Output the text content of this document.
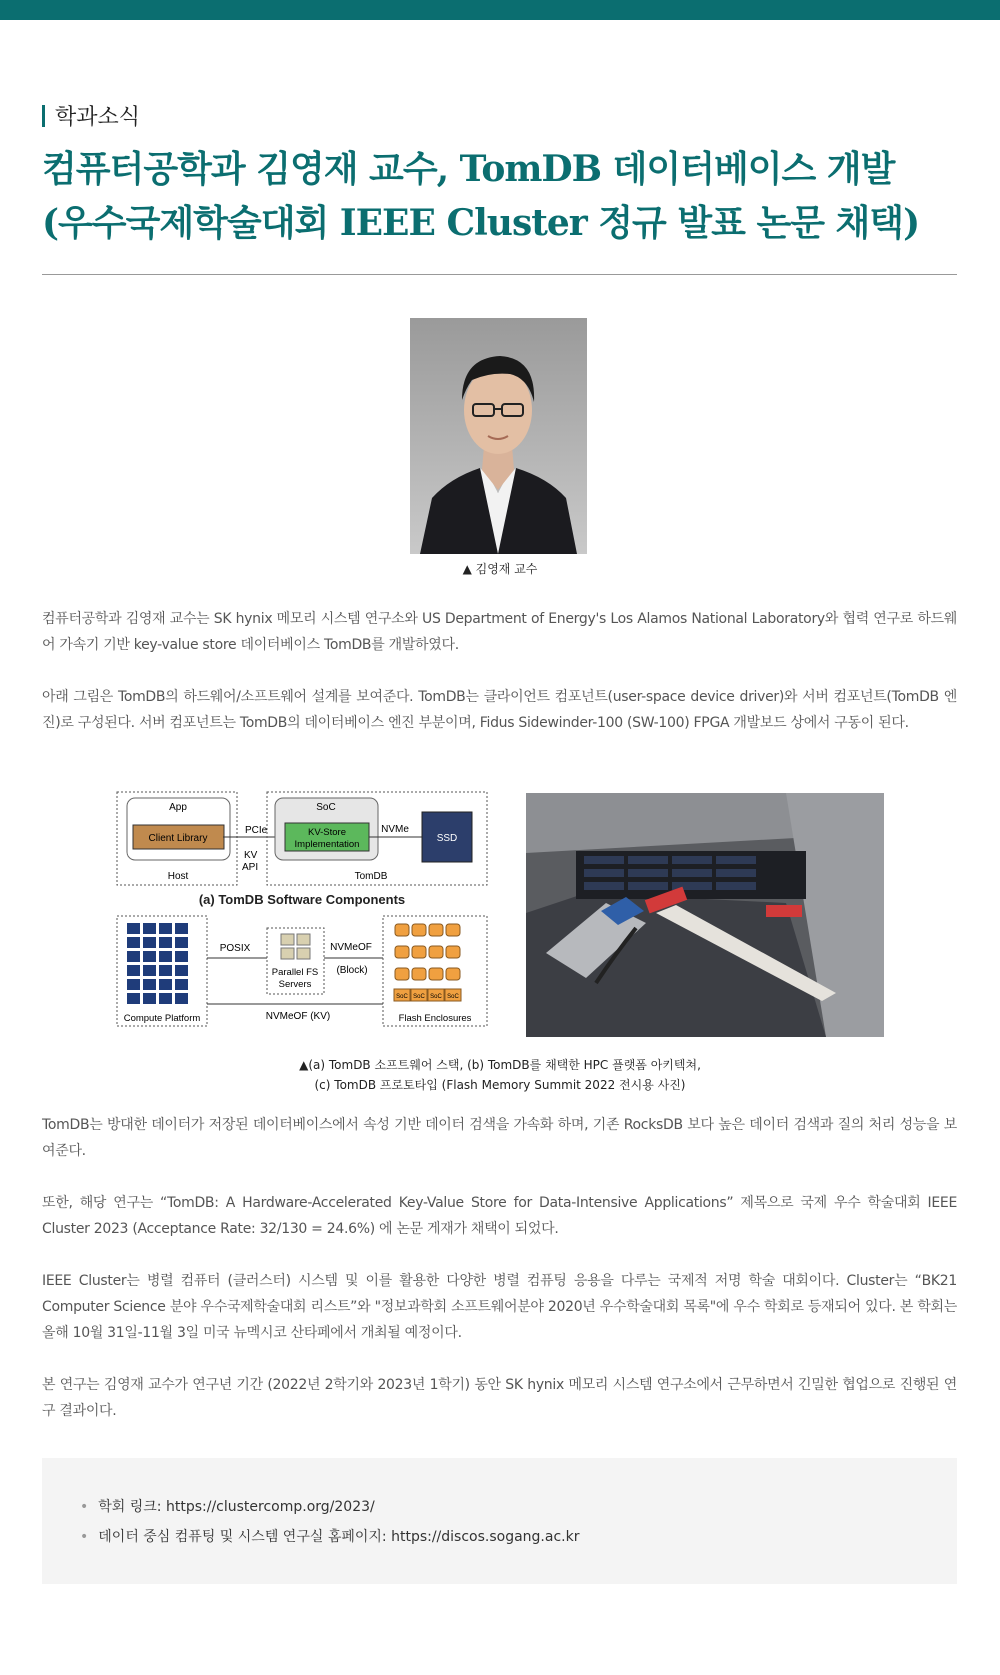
학과소식
컴퓨터공학과 김영재 교수, TomDB 데이터베이스 개발
(우수국제학술대회 IEEE Cluster 정규 발표 논문 채택)
▲ 김영재 교수
컴퓨터공학과 김영재 교수는 SK hynix 메모리 시스템 연구소와 US Department of Energy's Los Alamos National Laboratory와 협력 연구로 하드웨어 가속기 기반 key-value store 데이터베이스 TomDB를 개발하였다.
아래 그림은 TomDB의 하드웨어/소프트웨어 설계를 보여준다. TomDB는 클라이언트 컴포넌트(user-space device driver)와 서버 컴포넌트(TomDB 엔진)로 구성된다. 서버 컴포넌트는 TomDB의 데이터베이스 엔진 부분이며, Fidus Sidewinder-100 (SW-100) FPGA 개발보드 상에서 구동이 된다.
App
Client Library
Host
PCIe
KV
API
SoC
KV-Store
Implementation
NVMe
SSD
TomDB
(a) TomDB Software Components
Compute Platform
POSIX
Parallel FS
Servers
NVMeOF
(Block)
SoC SoC SoC SoC
Flash Enclosures
NVMeOF (KV)
▲(a) TomDB 소프트웨어 스택, (b) TomDB를 채택한 HPC 플랫폼 아키텍쳐,
(c) TomDB 프로토타입 (Flash Memory Summit 2022 전시용 사진)
TomDB는 방대한 데이터가 저장된 데이터베이스에서 속성 기반 데이터 검색을 가속화 하며, 기존 RocksDB 보다 높은 데이터 검색과 질의 처리 성능을 보여준다.
또한, 해당 연구는 “TomDB: A Hardware-Accelerated Key-Value Store for Data-Intensive Applications” 제목으로 국제 우수 학술대회 IEEE Cluster 2023 (Acceptance Rate: 32/130 = 24.6%) 에 논문 게재가 채택이 되었다.
IEEE Cluster는 병렬 컴퓨터 (클러스터) 시스템 및 이를 활용한 다양한 병렬 컴퓨팅 응용을 다루는 국제적 저명 학술 대회이다. Cluster는 “BK21 Computer Science 분야 우수국제학술대회 리스트”와 "정보과학회 소프트웨어분야 2020년 우수학술대회 목록"에 우수 학회로 등재되어 있다. 본 학회는 올해 10월 31일-11월 3일 미국 뉴멕시코 산타페에서 개최될 예정이다.
본 연구는 김영재 교수가 연구년 기간 (2022년 2학기와 2023년 1학기) 동안 SK hynix 메모리 시스템 연구소에서 근무하면서 긴밀한 협업으로 진행된 연구 결과이다.
• 학회 링크: https://clustercomp.org/2023/
• 데이터 중심 컴퓨팅 및 시스템 연구실 홈페이지: https://discos.sogang.ac.kr
